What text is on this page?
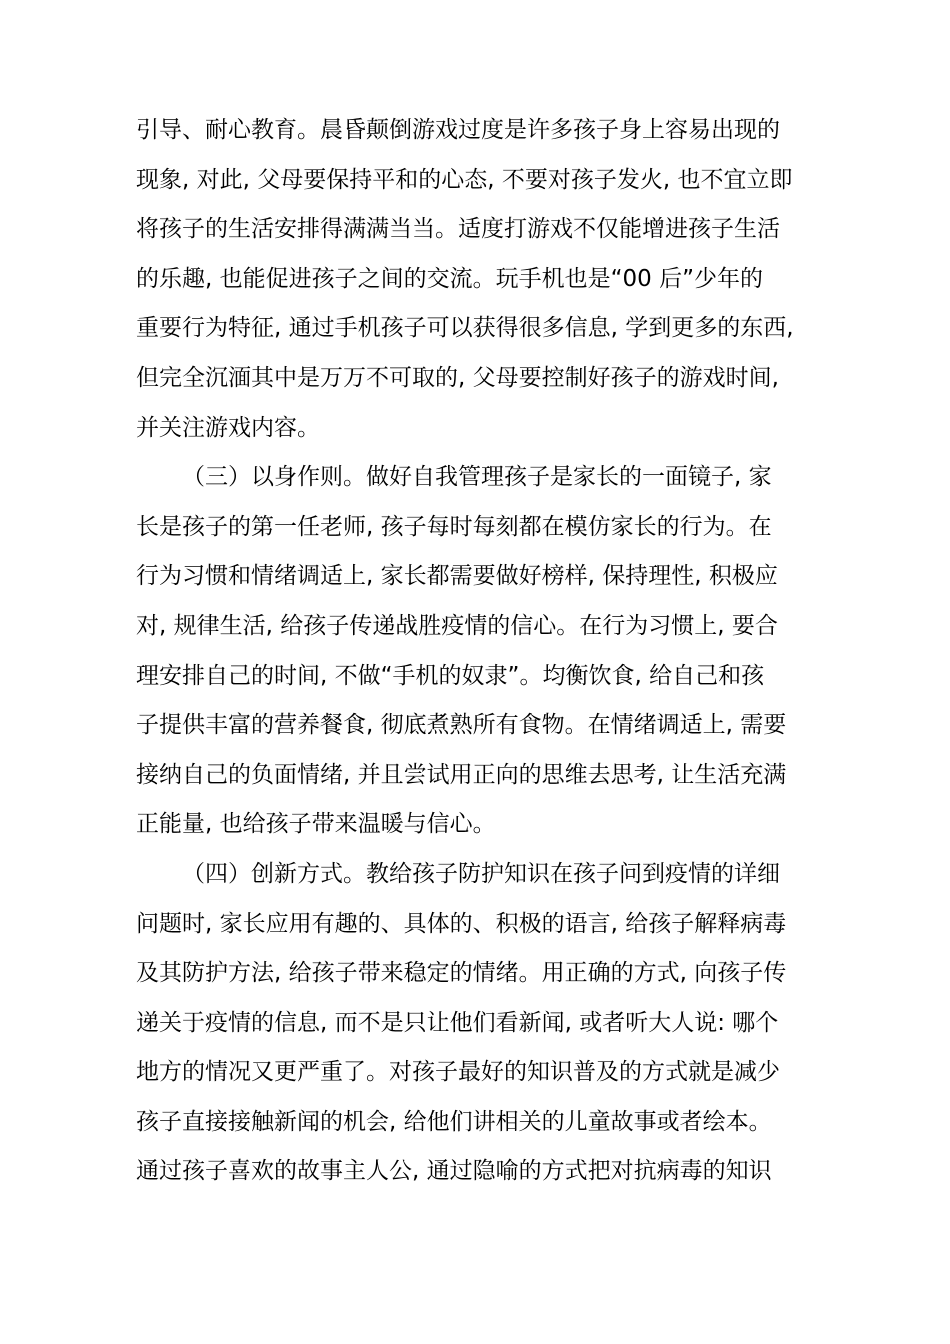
引导、耐心教育。晨昏颠倒游戏过度是许多孩子身上容易出现的
现象, 对此, 父母要保持平和的心态, 不要对孩子发火, 也不宜立即
将孩子的生活安排得满满当当。适度打游戏不仅能增进孩子生活
的乐趣, 也能促进孩子之间的交流。玩手机也是“00 后”少年的
重要行为特征, 通过手机孩子可以获得很多信息, 学到更多的东西,
但完全沉湎其中是万万不可取的, 父母要控制好孩子的游戏时间,
并关注游戏内容。

（三）以身作则。做好自我管理孩子是家长的一面镜子, 家
长是孩子的第一任老师, 孩子每时每刻都在模仿家长的行为。在
行为习惯和情绪调适上, 家长都需要做好榜样, 保持理性, 积极应
对, 规律生活, 给孩子传递战胜疫情的信心。在行为习惯上, 要合
理安排自己的时间, 不做“手机的奴隶”。均衡饮食, 给自己和孩
子提供丰富的营养餐食, 彻底煮熟所有食物。在情绪调适上, 需要
接纳自己的负面情绪, 并且尝试用正向的思维去思考, 让生活充满
正能量, 也给孩子带来温暖与信心。

（四）创新方式。教给孩子防护知识在孩子问到疫情的详细
问题时, 家长应用有趣的、具体的、积极的语言, 给孩子解释病毒
及其防护方法, 给孩子带来稳定的情绪。用正确的方式, 向孩子传
递关于疫情的信息, 而不是只让他们看新闻, 或者听大人说: 哪个
地方的情况又更严重了。对孩子最好的知识普及的方式就是减少
孩子直接接触新闻的机会, 给他们讲相关的儿童故事或者绘本。
通过孩子喜欢的故事主人公, 通过隐喻的方式把对抗病毒的知识
